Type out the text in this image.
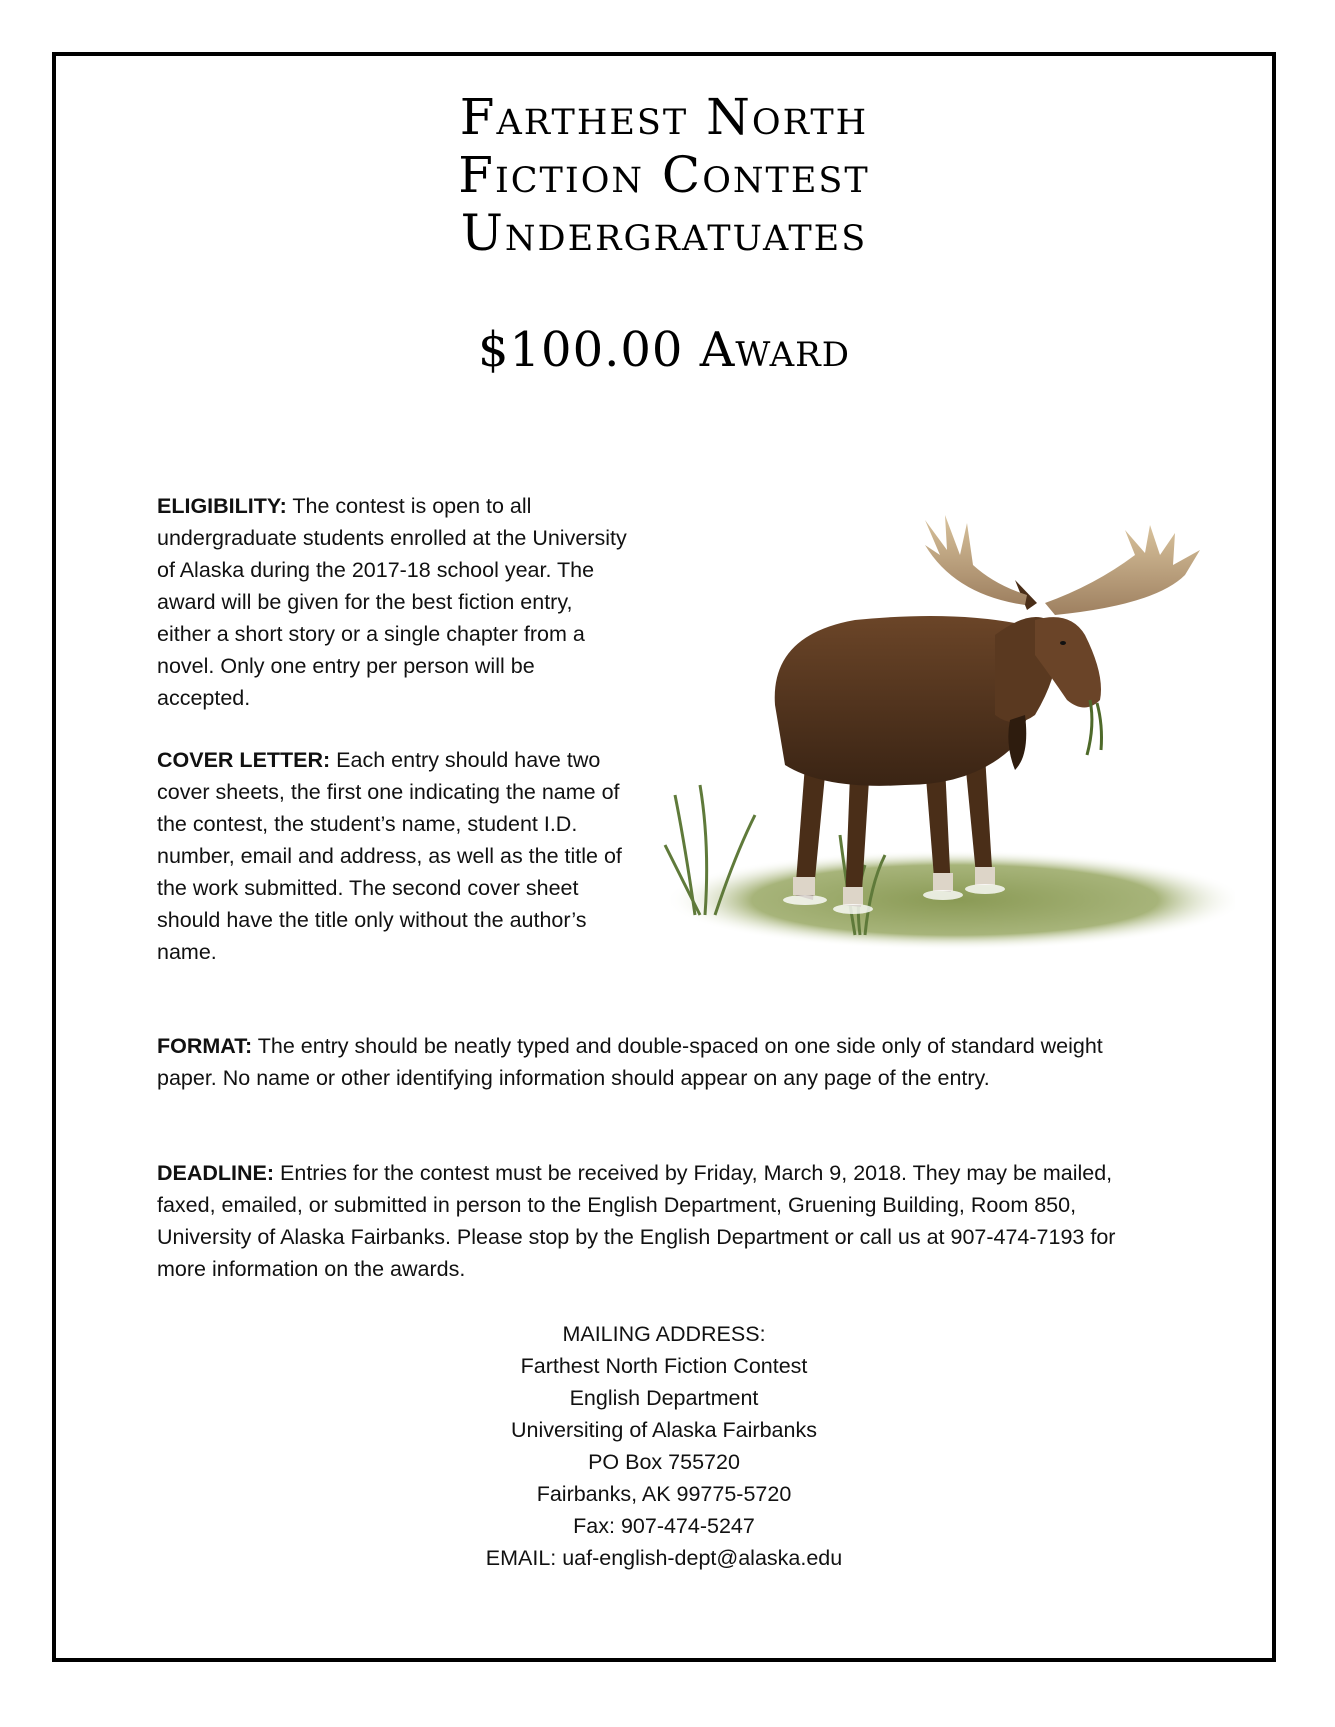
Farthest North
Fiction Contest
Undergratuates
$100.00 Award
ELIGIBILITY: The contest is open to all undergraduate students enrolled at the University of Alaska during the 2017-18 school year. The award will be given for the best fiction entry, either a short story or a single chapter from a novel. Only one entry per person will be accepted.
COVER LETTER: Each entry should have two cover sheets, the first one indicating the name of the contest, the student’s name, student I.D. number, email and address, as well as the title of the work submitted. The second cover sheet should have the title only without the author’s name.
FORMAT: The entry should be neatly typed and double-spaced on one side only of standard weight paper. No name or other identifying information should appear on any page of the entry.
DEADLINE: Entries for the contest must be received by Friday, March 9, 2018. They may be mailed, faxed, emailed, or submitted in person to the English Department, Gruening Building, Room 850, University of Alaska Fairbanks. Please stop by the English Department or call us at 907-474-7193 for more information on the awards.
MAILING ADDRESS:
Farthest North Fiction Contest
English Department
Universiting of Alaska Fairbanks
PO Box 755720
Fairbanks, AK 99775-5720
Fax: 907-474-5247
EMAIL: uaf-english-dept@alaska.edu
